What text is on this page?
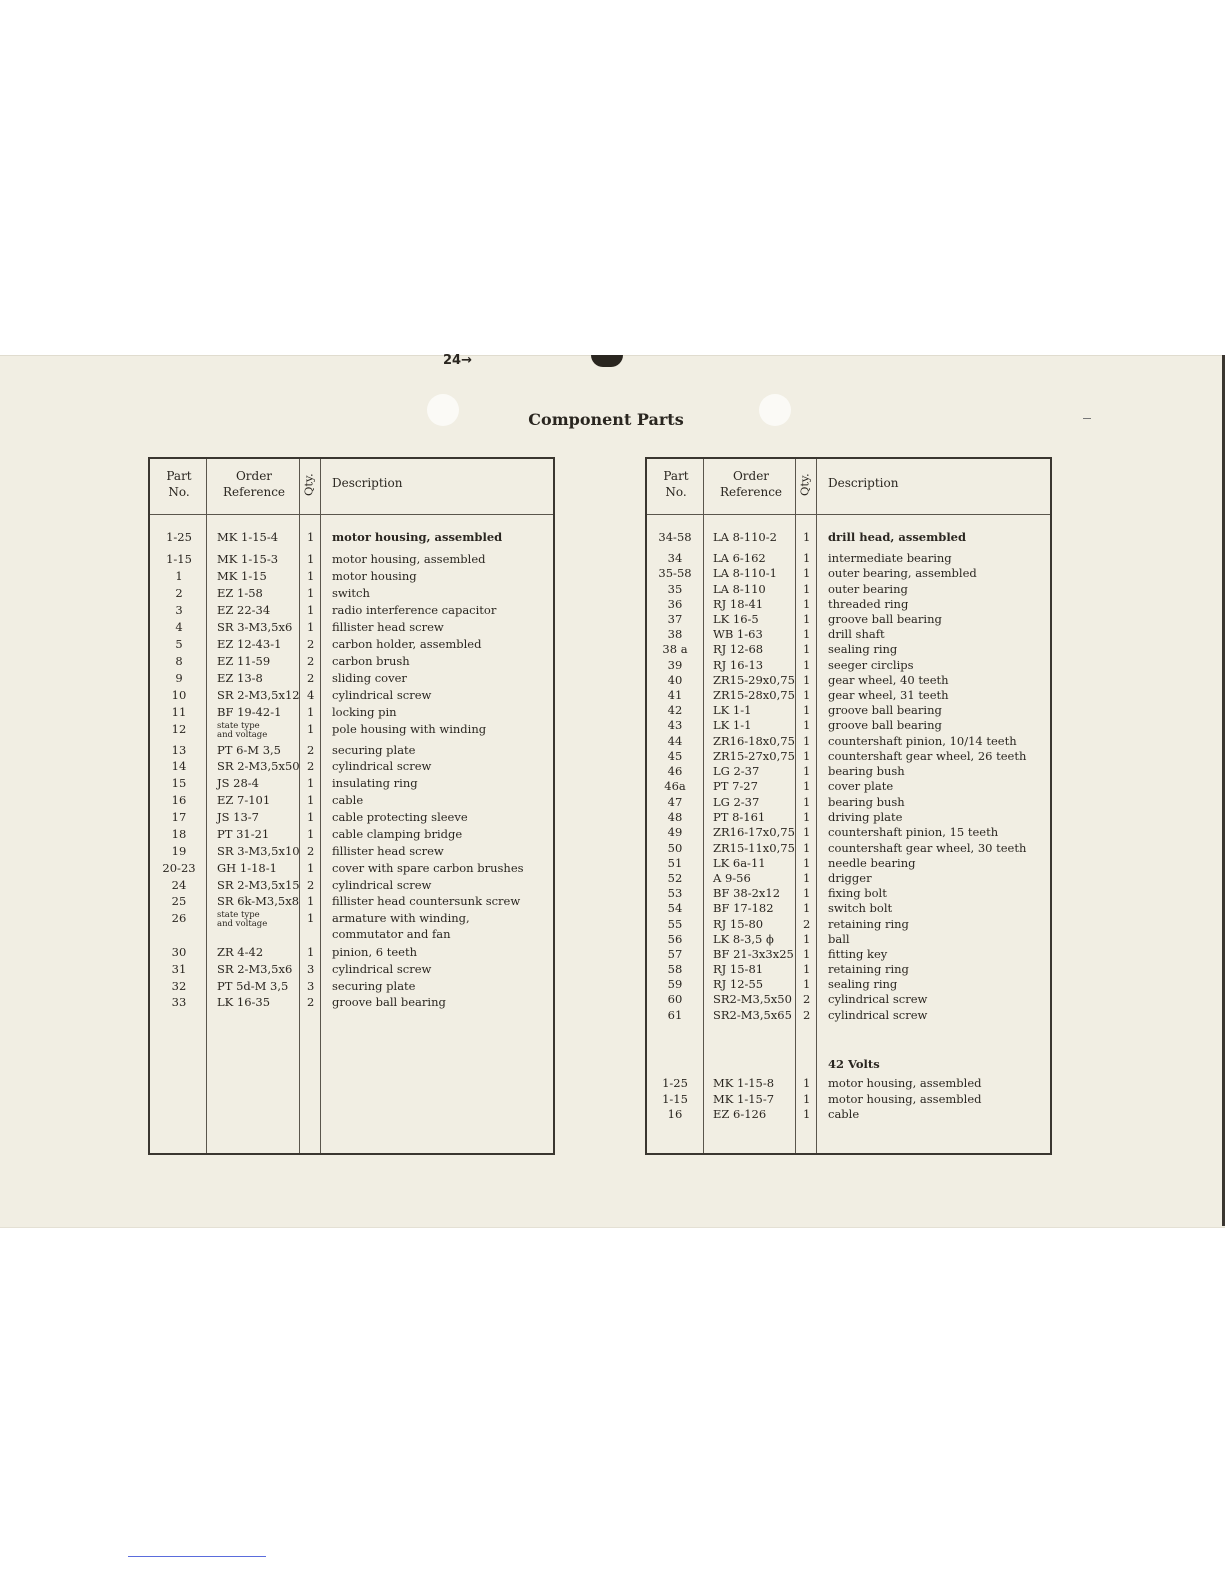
24→
Component Parts
Part
No.
Order
Reference	Qty. Description
1-25	MK 1-15-4	1 motor housing, assembled
1-15	MK 1-15-3	1 motor housing, assembled
1	MK 1-15	1 motor housing
2	EZ 1-58	1 switch
3	EZ 22-34	1 radio interference capacitor
4	SR 3-M3,5x6 1 fillister head screw
5	EZ 12-43-1 2 carbon holder, assembled
8	EZ 11-59	2 carbon brush
9	EZ 13-8	2 sliding cover
10	SR 2-M3,5x12 4 cylindrical screw
11	BF 19-42-1 1 locking pin
12	state type
and voltage	1 pole housing with winding
13	PT 6-M 3,5 2 securing plate
14	SR 2-M3,5x50 2 cylindrical screw
15	JS 28-4	1 insulating ring
16	EZ 7-101	1 cable
17	JS 13-7	1 cable protecting sleeve
18	PT 31-21	1 cable clamping bridge
19	SR 3-M3,5x10 2 fillister head screw
20-23	GH 1-18-1	1 cover with spare carbon brushes
24	SR 2-M3,5x15 2 cylindrical screw
25	SR 6k-M3,5x8 1 fillister head countersunk screw
26	state type
and voltage	1 armature with winding,
commutator and fan
30	ZR 4-42	1 pinion, 6 teeth
31	SR 2-M3,5x6 3 cylindrical screw
32	PT 5d-M 3,5 3 securing plate
33	LK 16-35	2 groove ball bearing
Part
No.
Order
Reference	Qty. Description
34-58	LA 8-110-2 1 drill head, assembled
34	LA 6-162	1 intermediate bearing
35-58	LA 8-110-1 1 outer bearing, assembled
35	LA 8-110	1 outer bearing
36	RJ 18-41	1 threaded ring
37	LK 16-5	1 groove ball bearing
38	WB 1-63	1 drill shaft
38 a	RJ 12-68	1 sealing ring
39	RJ 16-13	1 seeger circlips
40	ZR15-29x0,75 1 gear wheel, 40 teeth
41	ZR15-28x0,75 1 gear wheel, 31 teeth
42	LK 1-1	1 groove ball bearing
43	LK 1-1	1 groove ball bearing
44	ZR16-18x0,75 1 countershaft pinion, 10/14 teeth
45	ZR15-27x0,75 1 countershaft gear wheel, 26 teeth
46	LG 2-37	1 bearing bush
46a	PT 7-27	1 cover plate
47	LG 2-37	1 bearing bush
48	PT 8-161	1 driving plate
49	ZR16-17x0,75 1 countershaft pinion, 15 teeth
50	ZR15-11x0,75 1 countershaft gear wheel, 30 teeth
51	LK 6a-11	1 needle bearing
52	A 9-56	1 drigger
53	BF 38-2x12 1 fixing bolt
54	BF 17-182	1 switch bolt
55	RJ 15-80	2 retaining ring
56	LK 8-3,5 ϕ	1 ball
57	BF 21-3x3x25 1 fitting key
58	RJ 15-81	1 retaining ring
59	RJ 12-55	1 sealing ring
60	SR2-M3,5x50 2 cylindrical screw
61	SR2-M3,5x65 2 cylindrical screw
42 Volts
1-25	MK 1-15-8	1 motor housing, assembled
1-15	MK 1-15-7	1 motor housing, assembled
16	EZ 6-126	1 cable
